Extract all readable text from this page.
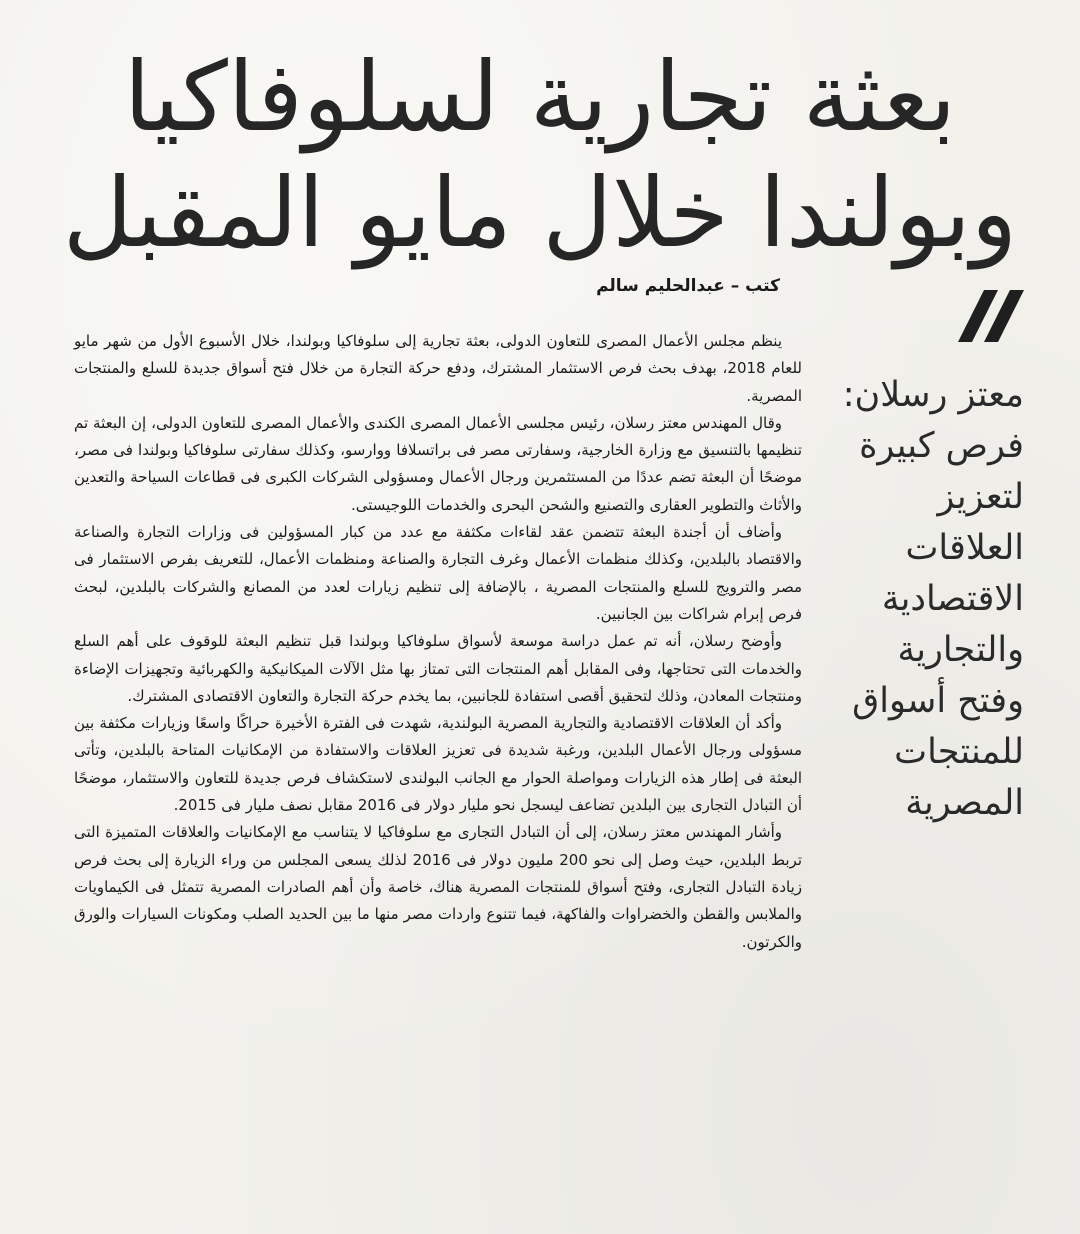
بعثة تجارية لسلوفاكيا
وبولندا خلال مايو المقبل
كتب – عبدالحليم سالم
معتز رسلان:
فرص كبيرة
لتعزيز
العلاقات
الاقتصادية
والتجارية
وفتح أسواق
للمنتجات
المصرية

ينظم مجلس الأعمال المصرى للتعاون الدولى، بعثة تجارية إلى سلوفاكيا وبولندا، خلال الأسبوع الأول من شهر مايو للعام 2018، بهدف بحث فرص الاستثمار المشترك، ودفع حركة التجارة من خلال فتح أسواق جديدة للسلع والمنتجات المصرية.

وقال المهندس معتز رسلان، رئيس مجلسى الأعمال المصرى الكندى والأعمال المصرى للتعاون الدولى، إن البعثة تم تنظيمها بالتنسيق مع وزارة الخارجية، وسفارتى مصر فى براتسلافا ووارسو، وكذلك سفارتى سلوفاكيا وبولندا فى مصر، موضحًا أن البعثة تضم عددًا من المستثمرين ورجال الأعمال ومسؤولى الشركات الكبرى فى قطاعات السياحة والتعدين والأثاث والتطوير العقارى والتصنيع والشحن البحرى والخدمات اللوجيستى.

وأضاف أن أجندة البعثة تتضمن عقد لقاءات مكثفة مع عدد من كبار المسؤولين فى وزارات التجارة والصناعة والاقتصاد بالبلدين، وكذلك منظمات الأعمال وغرف التجارة والصناعة ومنظمات الأعمال، للتعريف بفرص الاستثمار فى مصر والترويج للسلع والمنتجات المصرية ، بالإضافة إلى تنظيم زيارات لعدد من المصانع والشركات بالبلدين، لبحث فرص إبرام شراكات بين الجانبين.

وأوضح رسلان، أنه تم عمل دراسة موسعة لأسواق سلوفاكيا وبولندا قبل تنظيم البعثة للوقوف على أهم السلع والخدمات التى تحتاجها، وفى المقابل أهم المنتجات التى تمتاز بها مثل الآلات الميكانيكية والكهربائية وتجهيزات الإضاءة ومنتجات المعادن، وذلك لتحقيق أقصى استفادة للجانبين، بما يخدم حركة التجارة والتعاون الاقتصادى المشترك.

وأكد أن العلاقات الاقتصادية والتجارية المصرية البولندية، شهدت فى الفترة الأخيرة حراكًا واسعًا وزيارات مكثفة بين مسؤولى ورجال الأعمال البلدين، ورغبة شديدة فى تعزيز العلاقات والاستفادة من الإمكانيات المتاحة بالبلدين، وتأتى البعثة فى إطار هذه الزيارات ومواصلة الحوار مع الجانب البولندى لاستكشاف فرص جديدة للتعاون والاستثمار، موضحًا أن التبادل التجارى بين البلدين تضاعف ليسجل نحو مليار دولار فى 2016 مقابل نصف مليار فى 2015.

وأشار المهندس معتز رسلان، إلى أن التبادل التجارى مع سلوفاكيا لا يتناسب مع الإمكانيات والعلاقات المتميزة التى تربط البلدين، حيث وصل إلى نحو 200 مليون دولار فى 2016 لذلك يسعى المجلس من وراء الزيارة إلى بحث فرص زيادة التبادل التجارى، وفتح أسواق للمنتجات المصرية هناك، خاصة وأن أهم الصادرات المصرية تتمثل فى الكيماويات والملابس والقطن والخضراوات والفاكهة، فيما تتنوع واردات مصر منها ما بين الحديد الصلب ومكونات السيارات والورق والكرتون.
